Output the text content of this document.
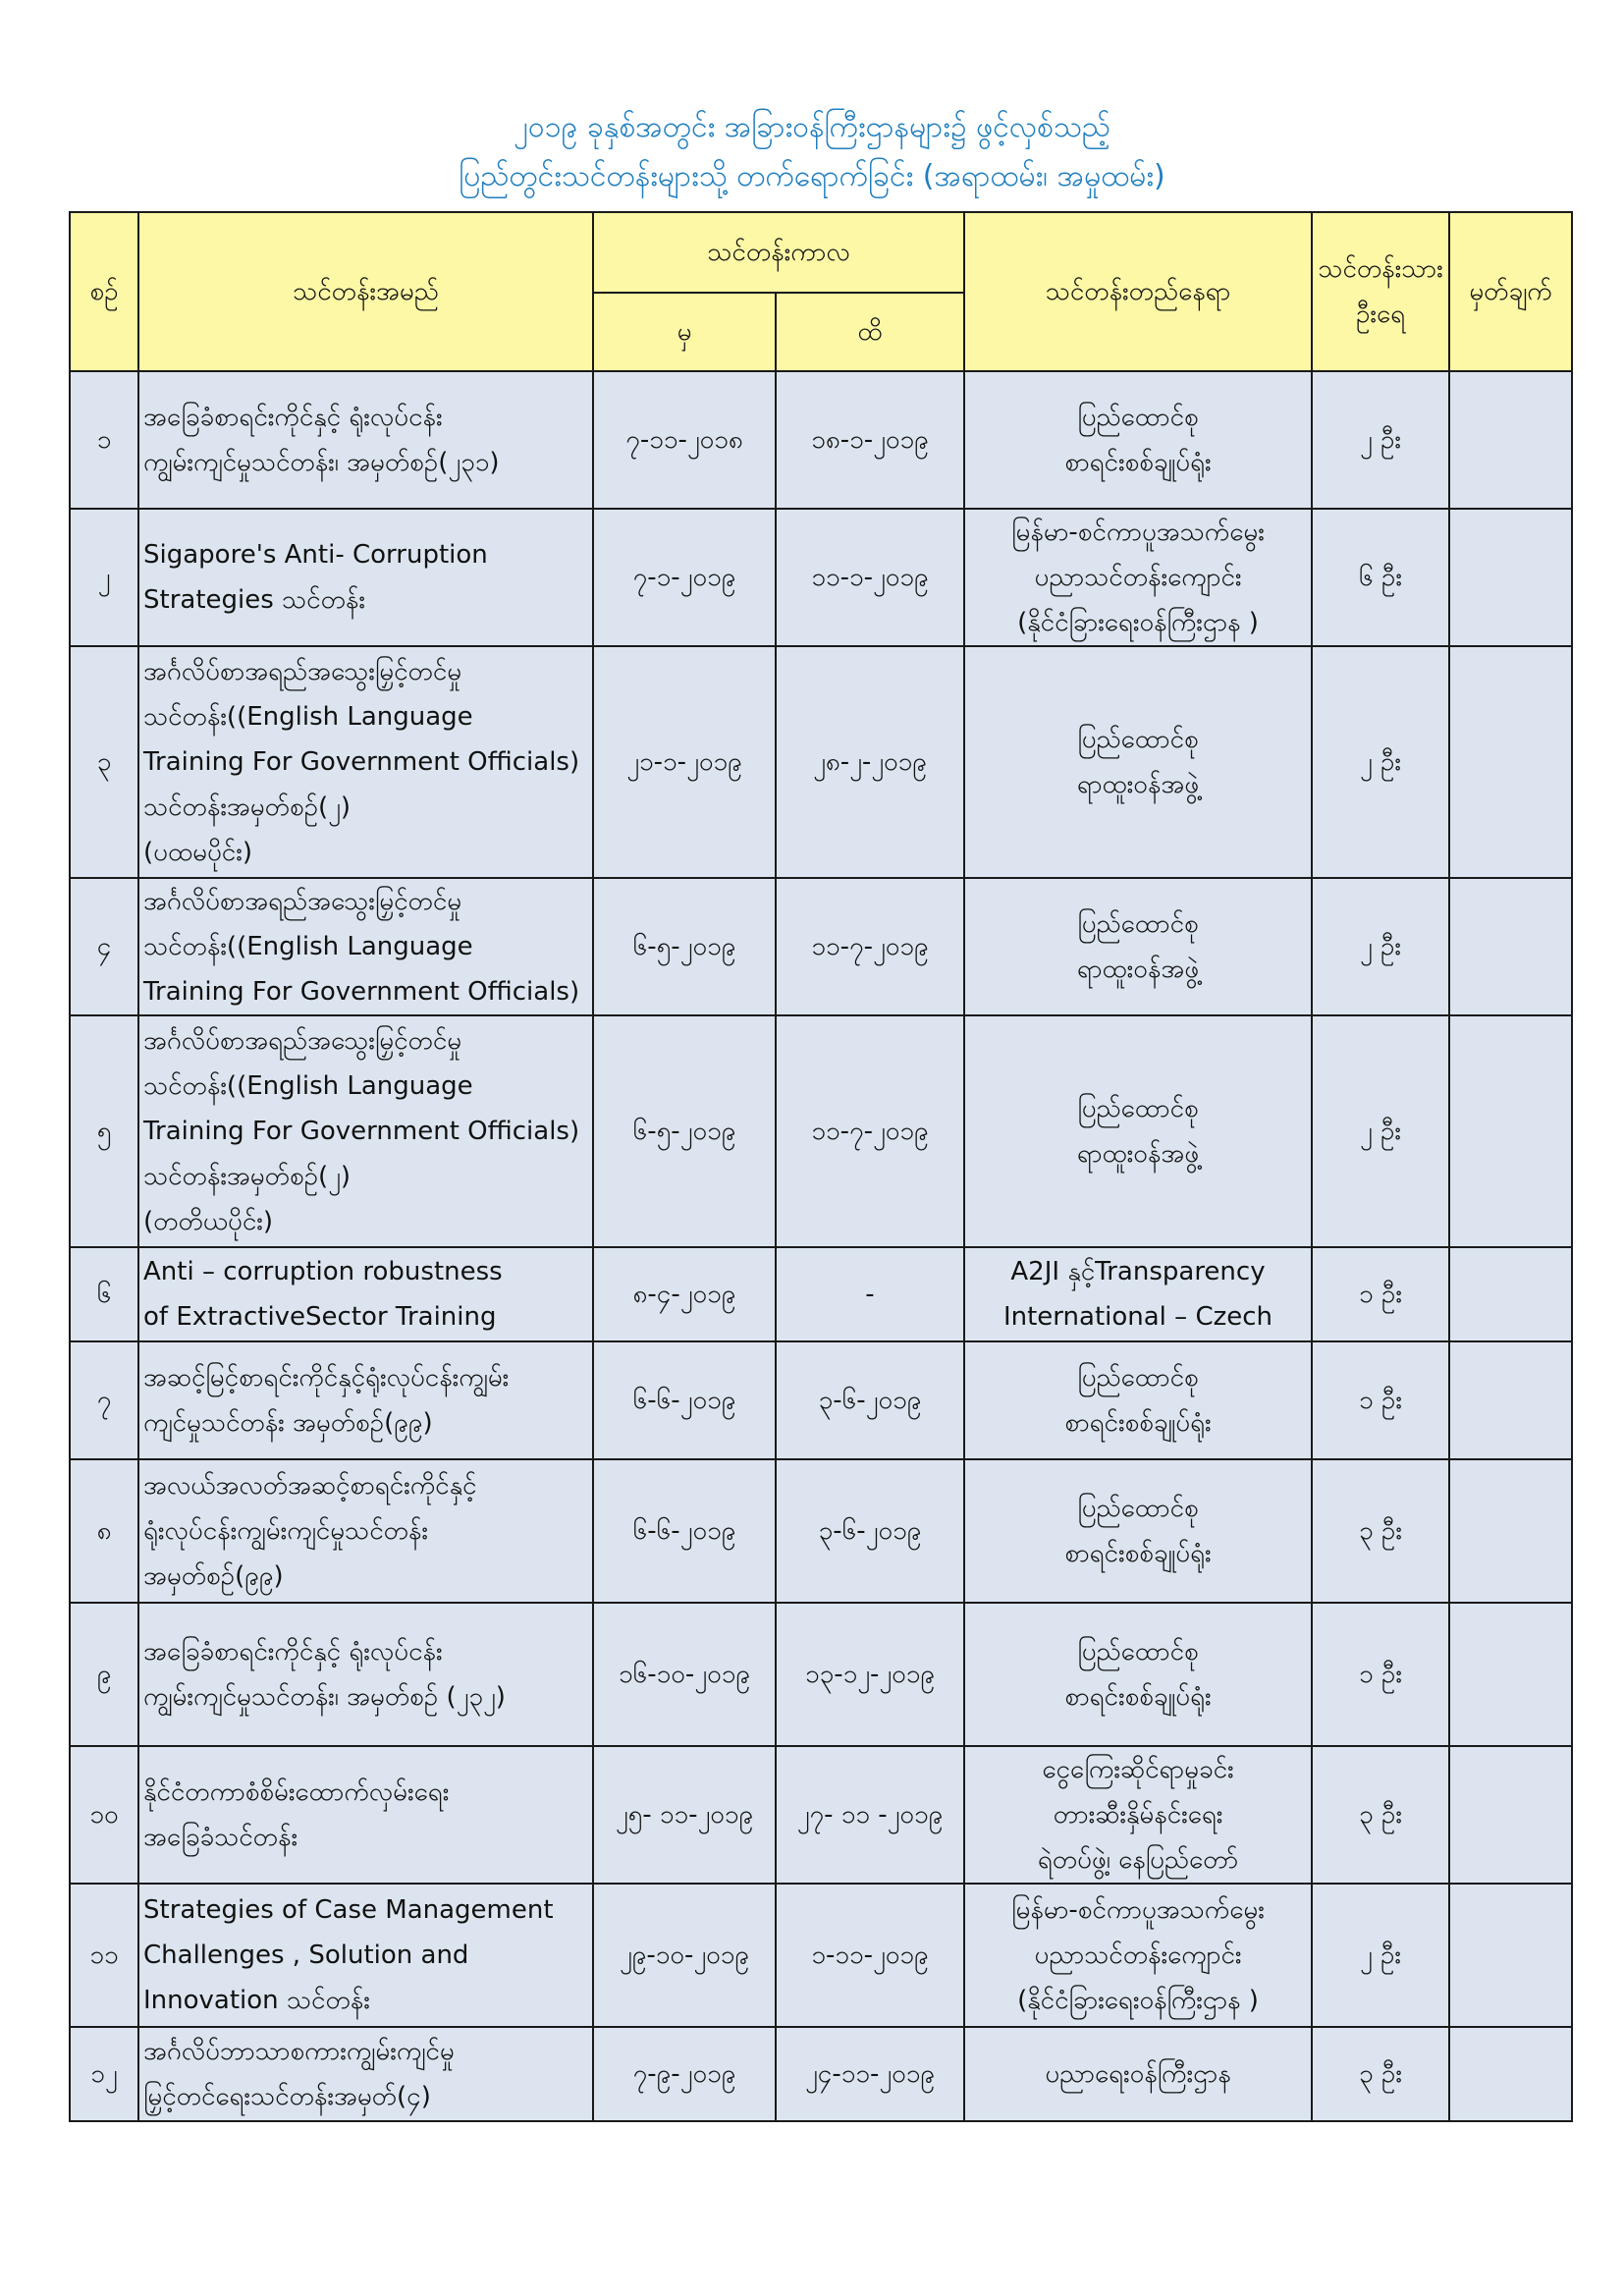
၂၀၁၉ ခုနှစ်အတွင်း အခြားဝန်ကြီးဌာနများ၌ ဖွင့်လှစ်သည့်
ပြည်တွင်းသင်တန်းများသို့ တက်ရောက်ခြင်း (အရာထမ်း၊ အမှုထမ်း)
စဉ်	သင်တန်းအမည်	သင်တန်းကာလ		သင်တန်းတည်နေရာ	သင်တန်းသား ဦးရေ	မှတ်ချက်
		မှ	ထိ			
၁	အခြေခံစာရင်းကိုင်နှင့် ရုံးလုပ်ငန်း
ကျွမ်းကျင်မှုသင်တန်း၊ အမှတ်စဉ်(၂၃၁)	၇-၁၁-၂၀၁၈	၁၈-၁-၂၀၁၉	ပြည်ထောင်စု
စာရင်းစစ်ချုပ်ရုံး	၂ ဦး	
၂	Sigapore's Anti- Corruption
Strategies သင်တန်း	၇-၁-၂၀၁၉	၁၁-၁-၂၀၁၉	မြန်မာ-စင်ကာပူအသက်မွေး
ပညာသင်တန်းကျောင်း
(နိုင်ငံခြားရေးဝန်ကြီးဌာန )	၆ ဦး	
၃	အင်္ဂလိပ်စာအရည်အသွေးမြှင့်တင်မှု
သင်တန်း((English Language
Training For Government Officials)
သင်တန်းအမှတ်စဉ်(၂)
(ပထမပိုင်း)	၂၁-၁-၂၀၁၉	၂၈-၂-၂၀၁၉	ပြည်ထောင်စု
ရာထူးဝန်အဖွဲ့	၂ ဦး	
၄	အင်္ဂလိပ်စာအရည်အသွေးမြှင့်တင်မှု
သင်တန်း((English Language
Training For Government Officials)	၆-၅-၂၀၁၉	၁၁-၇-၂၀၁၉	ပြည်ထောင်စု
ရာထူးဝန်အဖွဲ့	၂ ဦး	
၅	အင်္ဂလိပ်စာအရည်အသွေးမြှင့်တင်မှု
သင်တန်း((English Language
Training For Government Officials)
သင်တန်းအမှတ်စဉ်(၂)
(တတိယပိုင်း)	၆-၅-၂၀၁၉	၁၁-၇-၂၀၁၉	ပြည်ထောင်စု
ရာထူးဝန်အဖွဲ့	၂ ဦး	
၆	Anti – corruption robustness
of ExtractiveSector Training	၈-၄-၂၀၁၉	-	A2JI နှင့်Transparency
International – Czech	၁ ဦး	
၇	အဆင့်မြင့်စာရင်းကိုင်နှင့်ရုံးလုပ်ငန်းကျွမ်း
ကျင်မှုသင်တန်း အမှတ်စဉ်(၉၉)	၆-၆-၂၀၁၉	၃-၆-၂၀၁၉	ပြည်ထောင်စု
စာရင်းစစ်ချုပ်ရုံး	၁ ဦး	
၈	အလယ်အလတ်အဆင့်စာရင်းကိုင်နှင့်
ရုံးလုပ်ငန်းကျွမ်းကျင်မှုသင်တန်း
အမှတ်စဉ်(၉၉)	၆-၆-၂၀၁၉	၃-၆-၂၀၁၉	ပြည်ထောင်စု
စာရင်းစစ်ချုပ်ရုံး	၃ ဦး	
၉	အခြေခံစာရင်းကိုင်နှင့် ရုံးလုပ်ငန်း
ကျွမ်းကျင်မှုသင်တန်း၊ အမှတ်စဉ် (၂၃၂)	၁၆-၁၀-၂၀၁၉	၁၃-၁၂-၂၀၁၉	ပြည်ထောင်စု
စာရင်းစစ်ချုပ်ရုံး	၁ ဦး	
၁၀	နိုင်ငံတကာစံစိမ်းထောက်လှမ်းရေး
အခြေခံသင်တန်း	၂၅- ၁၁-၂၀၁၉	၂၇- ၁၁ -၂၀၁၉	ငွေကြေးဆိုင်ရာမှုခင်း
တားဆီးနှိမ်နင်းရေး
ရဲတပ်ဖွဲ့၊ နေပြည်တော်	၃ ဦး	
၁၁	Strategies of Case Management
Challenges , Solution and
Innovation သင်တန်း	၂၉-၁၀-၂၀၁၉	၁-၁၁-၂၀၁၉	မြန်မာ-စင်ကာပူအသက်မွေး
ပညာသင်တန်းကျောင်း
(နိုင်ငံခြားရေးဝန်ကြီးဌာန )	၂ ဦး	
၁၂	အင်္ဂလိပ်ဘာသာစကားကျွမ်းကျင်မှု
မြှင့်တင်ရေးသင်တန်းအမှတ်(၄)	၇-၉-၂၀၁၉	၂၄-၁၁-၂၀၁၉	ပညာရေးဝန်ကြီးဌာန	၃ ဦး	
